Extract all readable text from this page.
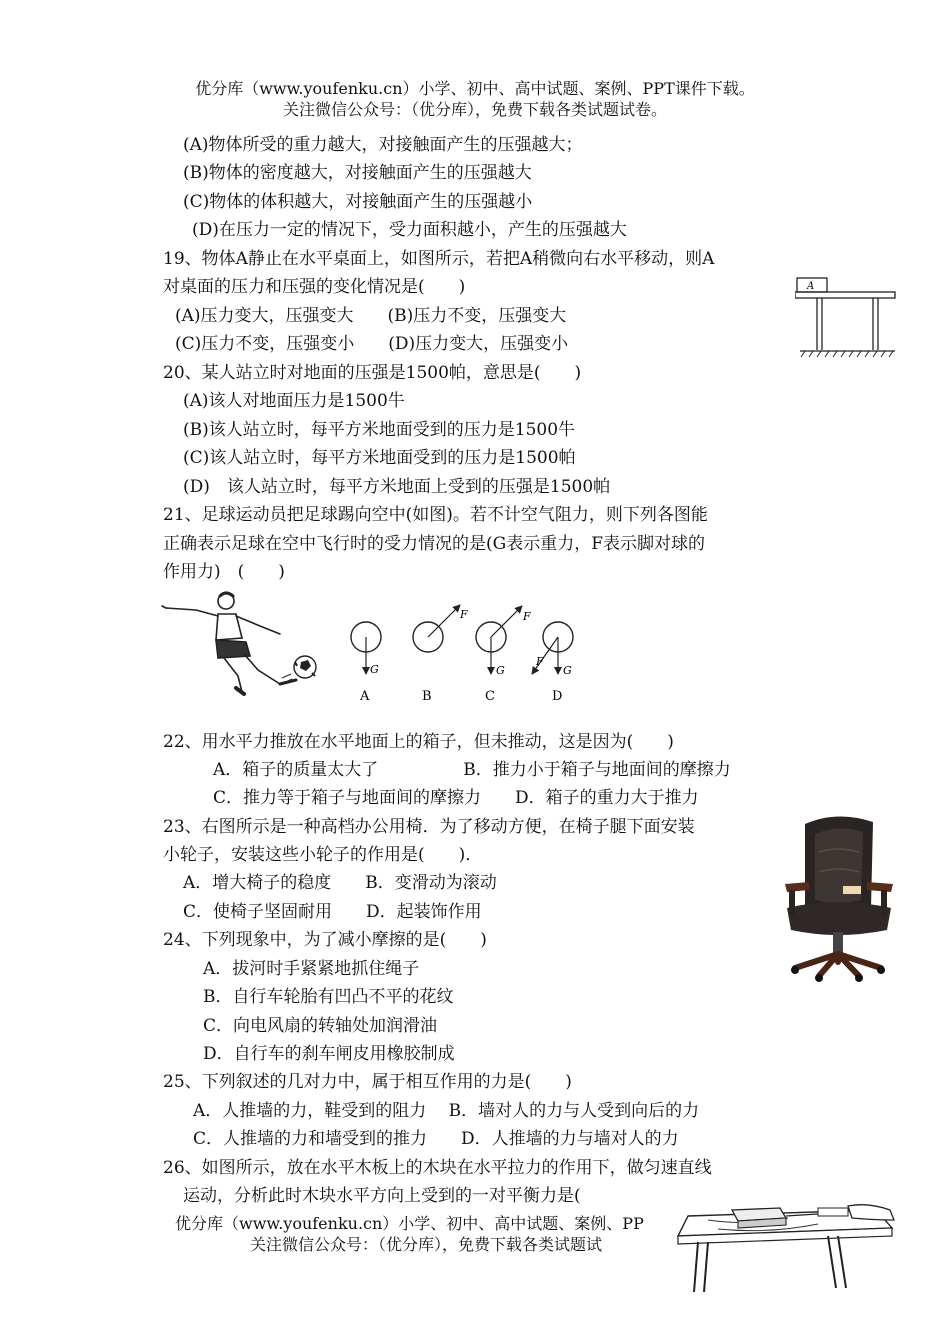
优分库（www.youfenku.cn）小学、初中、高中试题、案例、PPT课件下载。
关注微信公众号：（优分库），免费下载各类试题试卷。
(A)物体所受的重力越大，对接触面产生的压强越大；
(B)物体的密度越大，对接触面产生的压强越大
(C)物体的体积越大，对接触面产生的压强越小
(D)在压力一定的情况下，受力面积越小，产生的压强越大
19、物体A静止在水平桌面上，如图所示，若把A稍微向右水平移动，则A
对桌面的压力和压强的变化情况是(　　)
(A)压力变大，压强变大　　(B)压力不变，压强变大
(C)压力不变，压强变小　　(D)压力变大，压强变小
A
20、某人站立时对地面的压强是1500帕，意思是(　　)
(A)该人对地面压力是1500牛
(B)该人站立时，每平方米地面受到的压力是1500牛
(C)该人站立时，每平方米地面受到的压力是1500帕
(D)　该人站立时，每平方米地面上受到的压强是1500帕
21、足球运动员把足球踢向空中(如图)。若不计空气阻力，则下列各图能
正确表示足球在空中飞行时的受力情况的是(G表示重力，F表示脚对球的
作用力)　(　　)
G
A
F
B
G
F
C
G
F
D
22、用水平力推放在水平地面上的箱子，但未推动，这是因为(　　)
A．箱子的质量太大了　　　　　B．推力小于箱子与地面间的摩擦力
C．推力等于箱子与地面间的摩擦力　　D．箱子的重力大于推力
23、右图所示是一种高档办公用椅．为了移动方便，在椅子腿下面安装
小轮子，安装这些小轮子的作用是(　　)．
A．增大椅子的稳度　　B．变滑动为滚动
C．使椅子坚固耐用　　D．起装饰作用
24、下列现象中，为了减小摩擦的是(　　)
A．拔河时手紧紧地抓住绳子
B．自行车轮胎有凹凸不平的花纹
C．向电风扇的转轴处加润滑油
D．自行车的刹车闸皮用橡胶制成
25、下列叙述的几对力中，属于相互作用的力是(　　)
A．人推墙的力，鞋受到的阻力　 B．墙对人的力与人受到向后的力
C．人推墙的力和墙受到的推力　　D．人推墙的力与墙对人的力
26、如图所示，放在水平木板上的木块在水平拉力的作用下，做匀速直线
运动，分析此时木块水平方向上受到的一对平衡力是(
优分库（www.youfenku.cn）小学、初中、高中试题、案例、PP
关注微信公众号：（优分库），免费下载各类试题试
